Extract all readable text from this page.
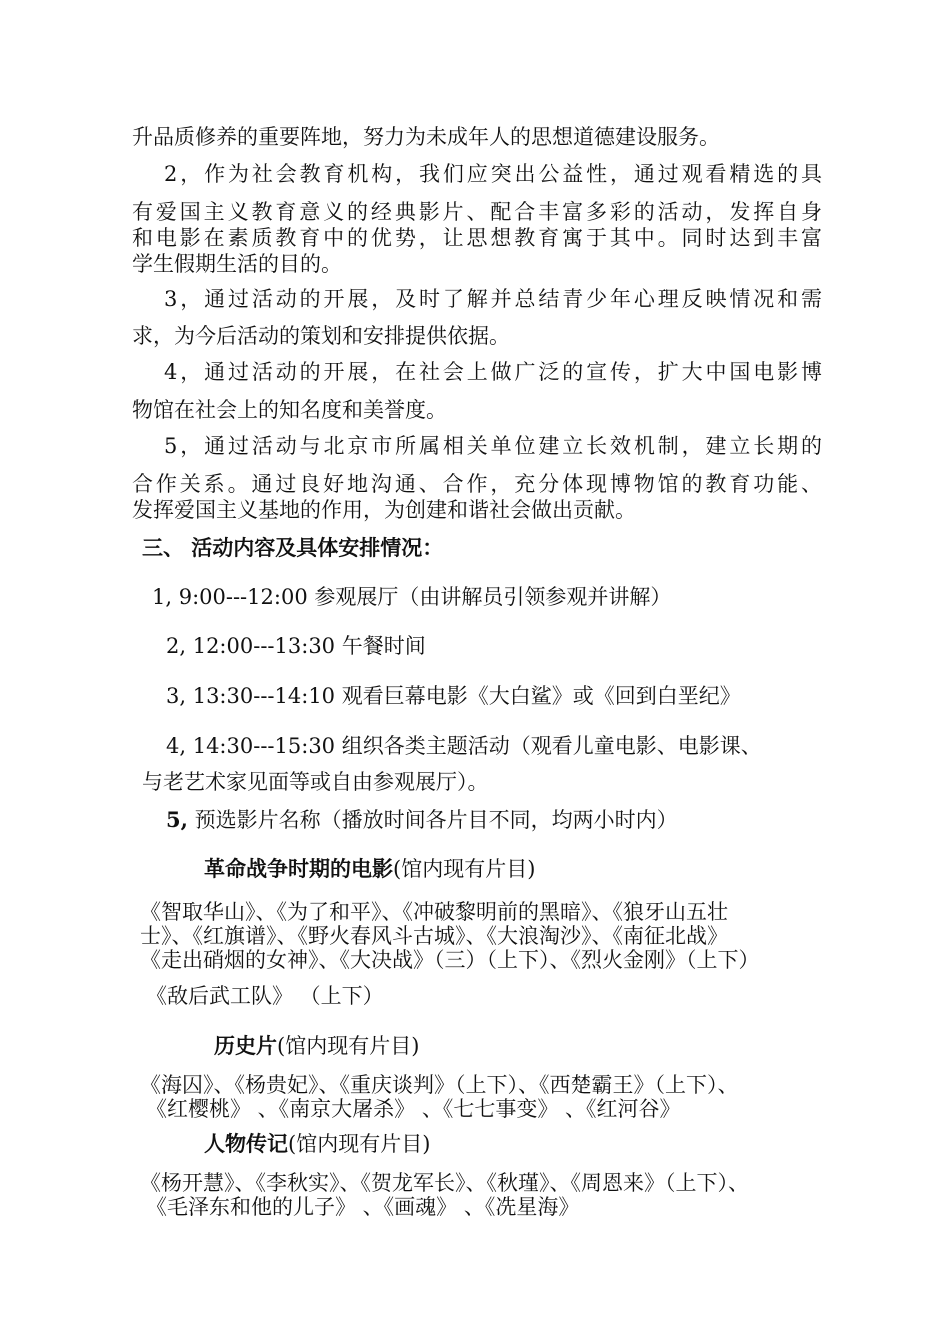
升品质修养的重要阵地，努力为未成年人的思想道德建设服务。
2，作为社会教育机构，我们应突出公益性，通过观看精选的具
有爱国主义教育意义的经典影片、配合丰富多彩的活动，发挥自身
和电影在素质教育中的优势，让思想教育寓于其中。同时达到丰富
学生假期生活的目的。
3，通过活动的开展，及时了解并总结青少年心理反映情况和需
求，为今后活动的策划和安排提供依据。
4，通过活动的开展，在社会上做广泛的宣传，扩大中国电影博
物馆在社会上的知名度和美誉度。
5，通过活动与北京市所属相关单位建立长效机制，建立长期的
合作关系。通过良好地沟通、合作，充分体现博物馆的教育功能、
发挥爱国主义基地的作用，为创建和谐社会做出贡献。
三、 活动内容及具体安排情况：
1, 9:00---12:00 参观展厅（由讲解员引领参观并讲解）
2, 12:00---13:30 午餐时间
3, 13:30---14:10 观看巨幕电影《大白鲨》或《回到白垩纪》
4, 14:30---15:30 组织各类主题活动（观看儿童电影、电影课、
与老艺术家见面等或自由参观展厅）。
5, 预选影片名称（播放时间各片目不同，均两小时内）
革命战争时期的电影(馆内现有片目)
《智取华山》、《为了和平》、《冲破黎明前的黑暗》、《狼牙山五壮
士》、《红旗谱》、《野火春风斗古城》、《大浪淘沙》、《南征北战》
《走出硝烟的女神》、《大决战》（三）（上下）、《烈火金刚》（上下）
《敌后武工队》 （上下）
历史片(馆内现有片目)
《海囚》、《杨贵妃》、《重庆谈判》（上下）、《西楚霸王》（上下）、
《红樱桃》 、《南京大屠杀》 、《七七事变》 、《红河谷》
人物传记(馆内现有片目)
《杨开慧》、《李秋实》、《贺龙军长》、《秋瑾》、《周恩来》（上下）、
《毛泽东和他的儿子》 、《画魂》 、《冼星海》
